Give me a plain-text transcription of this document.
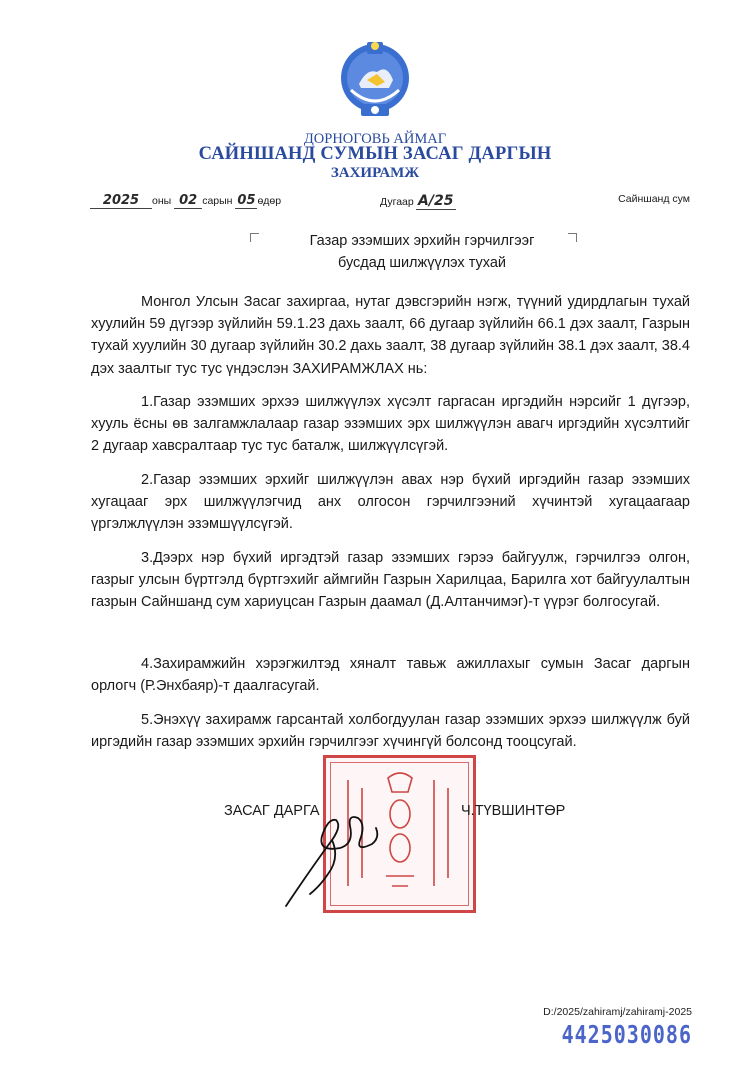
ДОРНОГОВЬ АЙМАГ
САЙНШАНД СУМЫН ЗАСАГ ДАРГЫН
ЗАХИРАМЖ
2025 оны 02 сарын 05 өдөр	Дугаар А/25	Сайншанд сум
Газар эзэмших эрхийн гэрчилгээг
бусдад шилжүүлэх тухай
Монгол Улсын Засаг захиргаа, нутаг дэвсгэрийн нэгж, түүний удирдлагын тухай хуулийн 59 дүгээр зүйлийн 59.1.23 дахь заалт, 66 дугаар зүйлийн 66.1 дэх заалт, Газрын тухай хуулийн 30 дугаар зүйлийн 30.2 дахь заалт, 38 дугаар зүйлийн 38.1 дэх заалт, 38.4 дэх заалтыг тус тус үндэслэн ЗАХИРАМЖЛАХ нь:
1.Газар эзэмших эрхээ шилжүүлэх хүсэлт гаргасан иргэдийн нэрсийг 1 дүгээр, хууль ёсны өв залгамжлалаар газар эзэмших эрх шилжүүлэн авагч иргэдийн хүсэлтийг 2 дугаар хавсралтаар тус тус баталж, шилжүүлсүгэй.
2.Газар эзэмших эрхийг шилжүүлэн авах нэр бүхий иргэдийн газар эзэмших хугацааг эрх шилжүүлэгчид анх олгосон гэрчилгээний хүчинтэй хугацаагаар үргэлжлүүлэн эзэмшүүлсүгэй.
3.Дээрх нэр бүхий иргэдтэй газар эзэмших гэрээ байгуулж, гэрчилгээ олгон, газрыг улсын бүртгэлд бүртгэхийг аймгийн Газрын Харилцаа, Барилга хот байгуулалтын газрын Сайншанд сум хариуцсан Газрын даамал (Д.Алтанчимэг)-т үүрэг болгосугай.
4.Захирамжийн хэрэгжилтэд хяналт тавьж ажиллахыг сумын Засаг даргын орлогч (Р.Энхбаяр)-т даалгасугай.
5.Энэхүү захирамж гарсантай холбогдуулан газар эзэмших эрхээ шилжүүлж буй иргэдийн газар эзэмших эрхийн гэрчилгээг хүчингүй болсонд тооцсугай.
ЗАСАГ ДАРГА	Ч.ТҮВШИНТӨР
D:/2025/zahiramj/zahiramj-2025
4425030086
